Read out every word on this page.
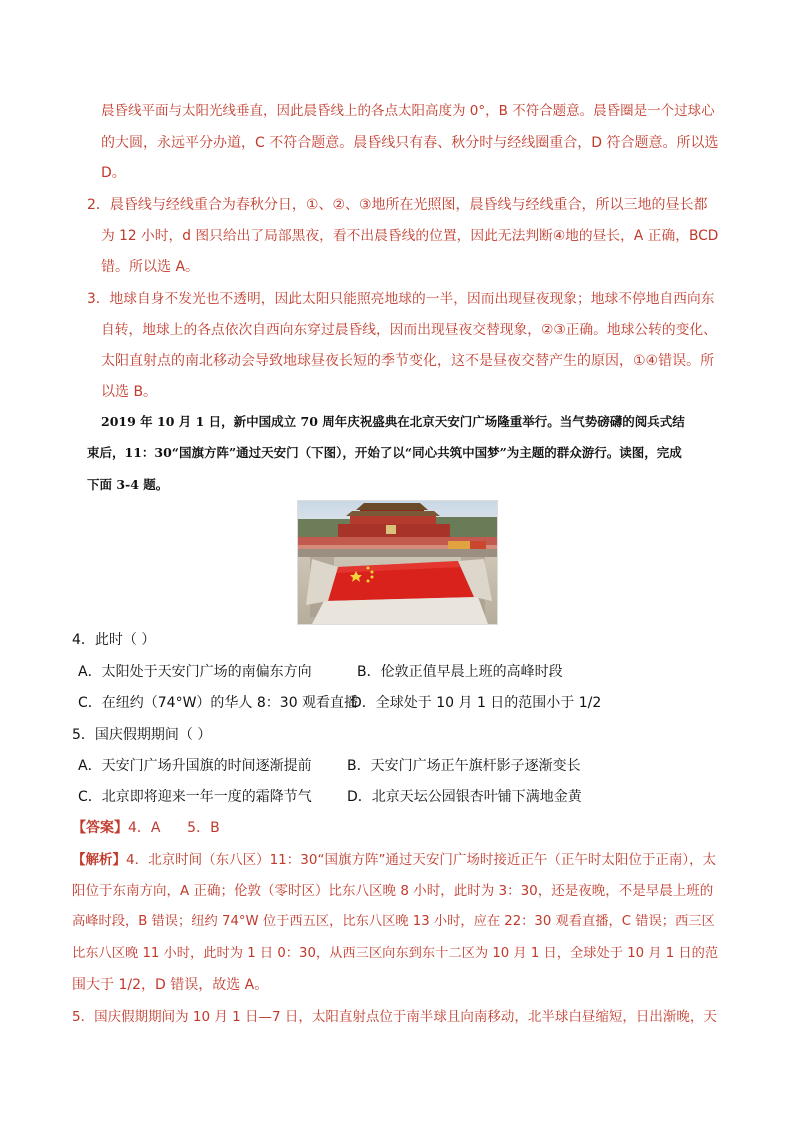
晨昏线平面与太阳光线垂直，因此晨昏线上的各点太阳高度为 0°，B 不符合题意。晨昏圈是一个过球心
的大圆，永远平分办道，C 不符合题意。晨昏线只有春、秋分时与经线圈重合，D 符合题意。所以选
D。
2．晨昏线与经线重合为春秋分日，①、②、③地所在光照图，晨昏线与经线重合，所以三地的昼长都
为 12 小时，d 图只给出了局部黑夜，看不出晨昏线的位置，因此无法判断④地的昼长，A 正确，BCD
错。所以选 A。
3．地球自身不发光也不透明，因此太阳只能照亮地球的一半，因而出现昼夜现象；地球不停地自西向东
自转，地球上的各点依次自西向东穿过晨昏线，因而出现昼夜交替现象，②③正确。地球公转的变化、
太阳直射点的南北移动会导致地球昼夜长短的季节变化，这不是昼夜交替产生的原因，①④错误。所
以选 B。
2019 年 10 月 1 日，新中国成立 70 周年庆祝盛典在北京天安门广场隆重举行。当气势磅礴的阅兵式结
束后，11：30“国旗方阵”通过天安门（下图），开始了以“同心共筑中国梦”为主题的群众游行。读图，完成
下面 3-4 题。
4．此时（ ）
A．太阳处于天安门广场的南偏东方向	B．伦敦正值早晨上班的高峰时段
C．在纽约（74°W）的华人 8：30 观看直播
D．全球处于 10 月 1 日的范围小于 1/2
5．国庆假期期间（ ）
A．天安门广场升国旗的时间逐渐提前	B．天安门广场正午旗杆影子逐渐变长
C．北京即将迎来一年一度的霜降节气	D．北京天坛公园银杏叶铺下满地金黄
【答案】4．A      5．B
【解析】4．北京时间（东八区）11：30“国旗方阵”通过天安门广场时接近正午（正午时太阳位于正南），太
阳位于东南方向，A 正确；伦敦（零时区）比东八区晚 8 小时，此时为 3：30，还是夜晚，不是早晨上班的
高峰时段，B 错误；纽约 74°W 位于西五区，比东八区晚 13 小时，应在 22：30 观看直播，C 错误；西三区
比东八区晚 11 小时，此时为 1 日 0：30，从西三区向东到东十二区为 10 月 1 日，全球处于 10 月 1 日的范
围大于 1/2，D 错误，故选 A。
5．国庆假期期间为 10 月 1 日—7 日，太阳直射点位于南半球且向南移动，北半球白昼缩短，日出渐晚，天
